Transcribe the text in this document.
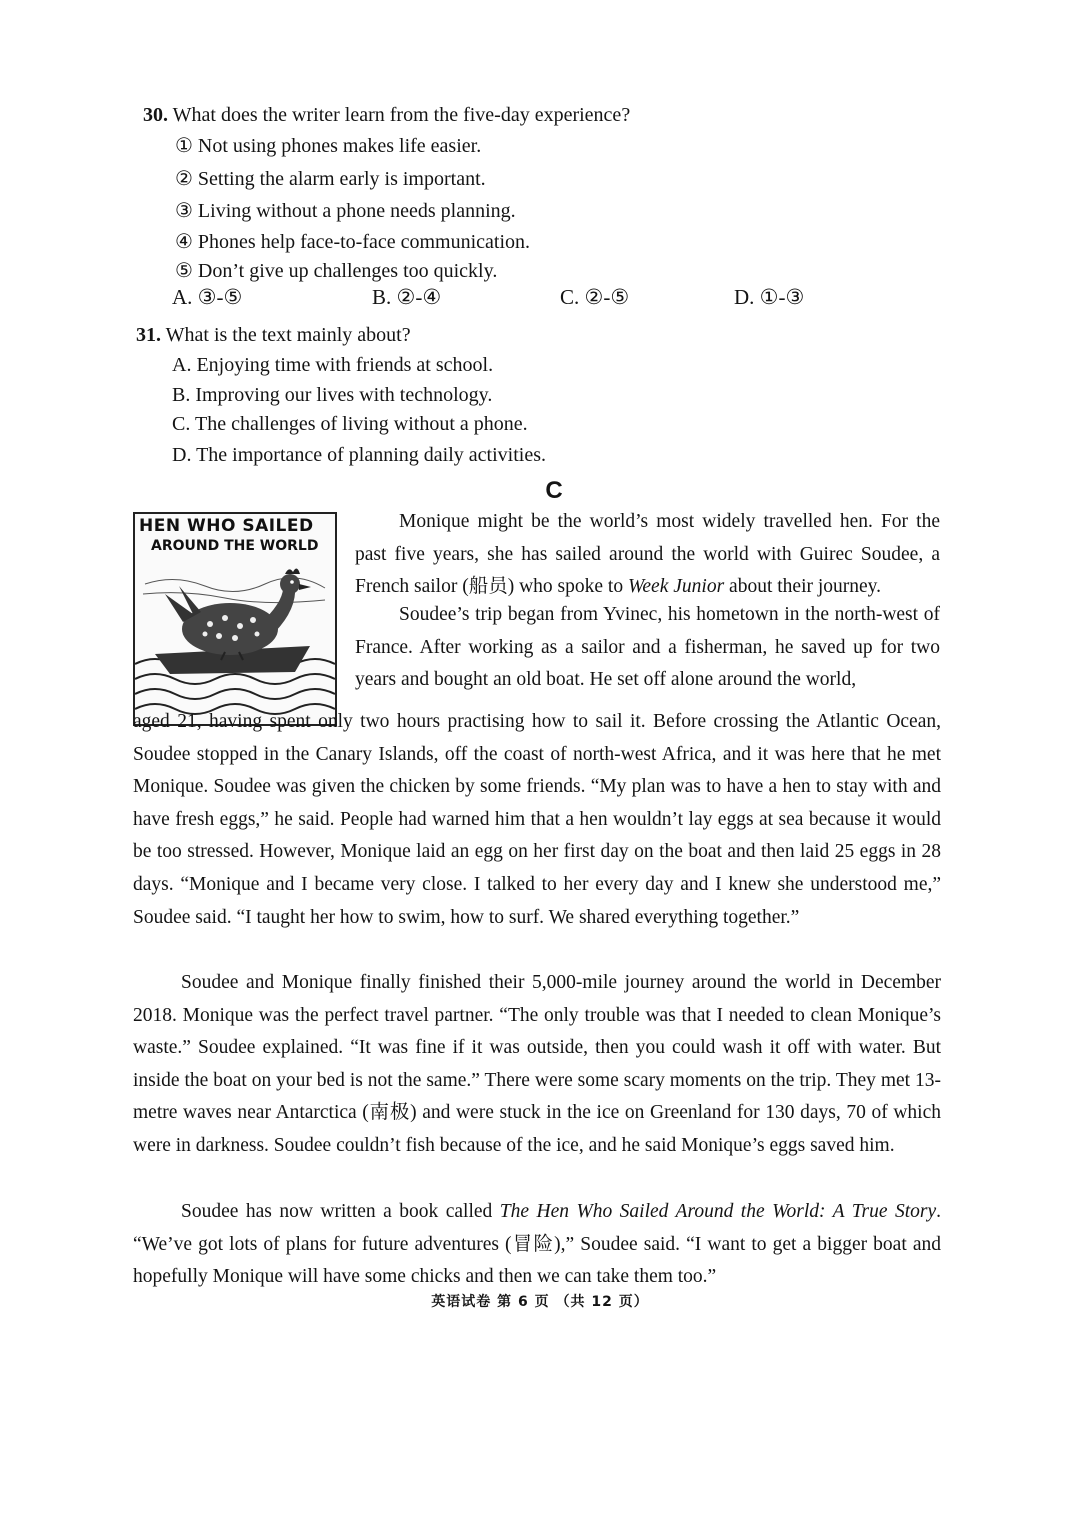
30. What does the writer learn from the five-day experience?
① Not using phones makes life easier.
② Setting the alarm early is important.
③ Living without a phone needs planning.
④ Phones help face-to-face communication.
⑤ Don’t give up challenges too quickly.
A. ③-⑤	B. ②-④	C. ②-⑤	D. ①-③
31. What is the text mainly about?
A. Enjoying time with friends at school.
B. Improving our lives with technology.
C. The challenges of living without a phone.
D. The importance of planning daily activities.
C
HEN WHO SAILED
AROUND THE WORLD

Monique might be the world’s most widely travelled hen. For the past five years, she has sailed around the world with Guirec Soudee, a French sailor (船员) who spoke to Week Junior about their journey.

Soudee’s trip began from Yvinec, his hometown in the north-west of France. After working as a sailor and a fisherman, he saved up for two years and bought an old boat. He set off alone around the world,

aged 21, having spent only two hours practising how to sail it. Before crossing the Atlantic Ocean, Soudee stopped in the Canary Islands, off the coast of north-west Africa, and it was here that he met Monique. Soudee was given the chicken by some friends. “My plan was to have a hen to stay with and have fresh eggs,” he said. People had warned him that a hen wouldn’t lay eggs at sea because it would be too stressed. However, Monique laid an egg on her first day on the boat and then laid 25 eggs in 28 days. “Monique and I became very close. I talked to her every day and I knew she understood me,” Soudee said. “I taught her how to swim, how to surf. We shared everything together.”

Soudee and Monique finally finished their 5,000-mile journey around the world in December 2018. Monique was the perfect travel partner. “The only trouble was that I needed to clean Monique’s waste.” Soudee explained. “It was fine if it was outside, then you could wash it off with water. But inside the boat on your bed is not the same.” There were some scary moments on the trip. They met 13-metre waves near Antarctica (南极) and were stuck in the ice on Greenland for 130 days, 70 of which were in darkness. Soudee couldn’t fish because of the ice, and he said Monique’s eggs saved him.

Soudee has now written a book called The Hen Who Sailed Around the World: A True Story. “We’ve got lots of plans for future adventures (冒险),” Soudee said. “I want to get a bigger boat and hopefully Monique will have some chicks and then we can take them too.”

英语试卷 第 6 页 （共 12 页）
